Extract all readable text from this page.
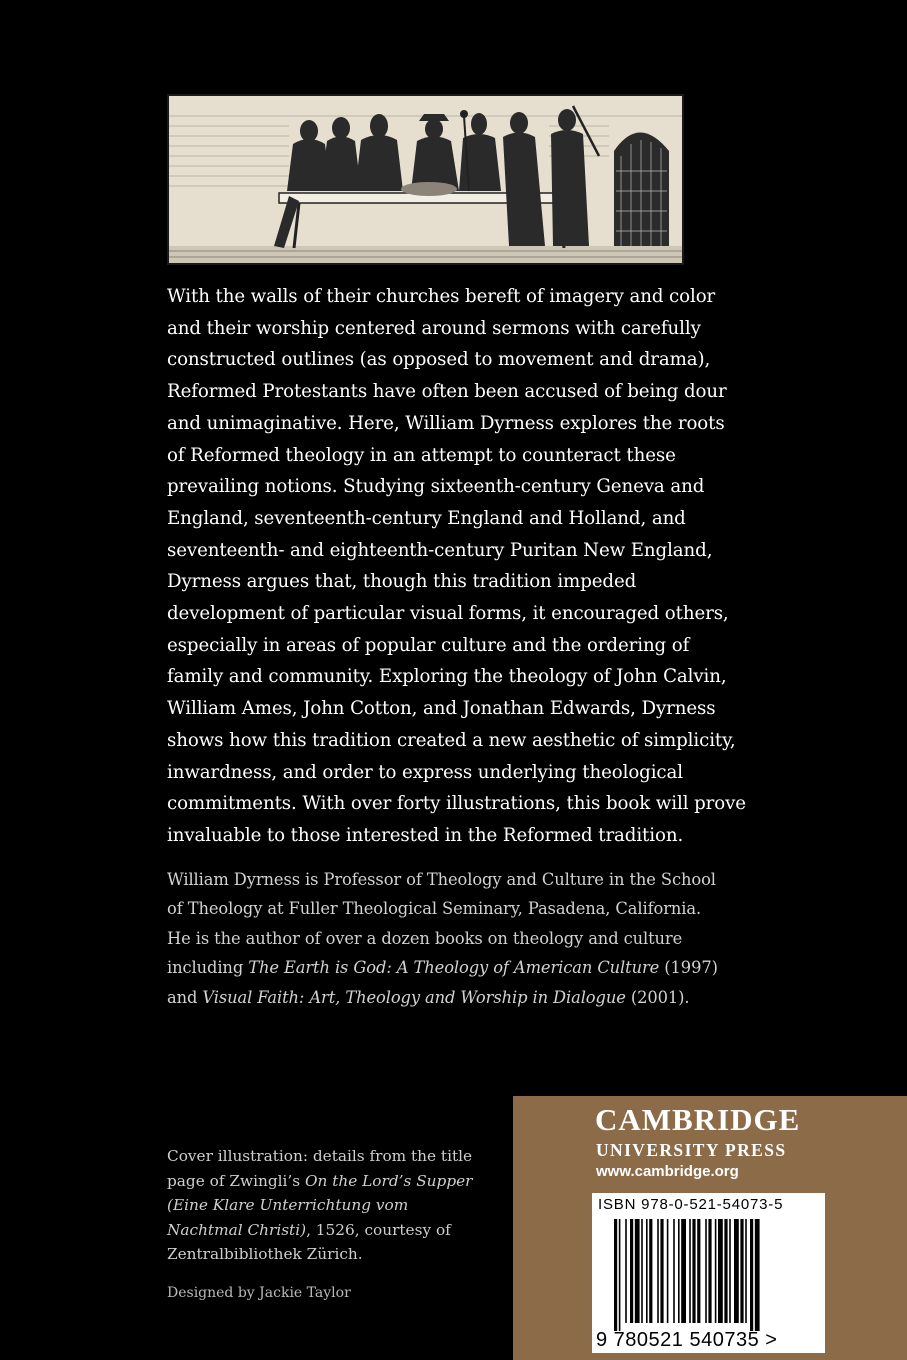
With the walls of their churches bereft of imagery and color and their worship centered around sermons with carefully constructed outlines (as opposed to movement and drama), Reformed Protestants have often been accused of being dour and unimaginative. Here, William Dyrness explores the roots of Reformed theology in an attempt to counteract these prevailing notions. Studying sixteenth-century Geneva and England, seventeenth-century England and Holland, and seventeenth- and eighteenth-century Puritan New England, Dyrness argues that, though this tradition impeded development of particular visual forms, it encouraged others, especially in areas of popular culture and the ordering of family and community. Exploring the theology of John Calvin, William Ames, John Cotton, and Jonathan Edwards, Dyrness shows how this tradition created a new aesthetic of simplicity, inwardness, and order to express underlying theological commitments. With over forty illustrations, this book will prove invaluable to those interested in the Reformed tradition.

William Dyrness is Professor of Theology and Culture in the School of Theology at Fuller Theological Seminary, Pasadena, California. He is the author of over a dozen books on theology and culture including The Earth is God: A Theology of American Culture (1997) and Visual Faith: Art, Theology and Worship in Dialogue (2001).

Cover illustration: details from the title page of Zwingli’s On the Lord’s Supper (Eine Klare Unterrichtung vom Nachtmal Christi), 1526, courtesy of Zentralbibliothek Zürich.

Designed by Jackie Taylor

CAMBRIDGE

UNIVERSITY PRESS

www.cambridge.org

ISBN 978-0-521-54073-5

9 780521 540735 >
